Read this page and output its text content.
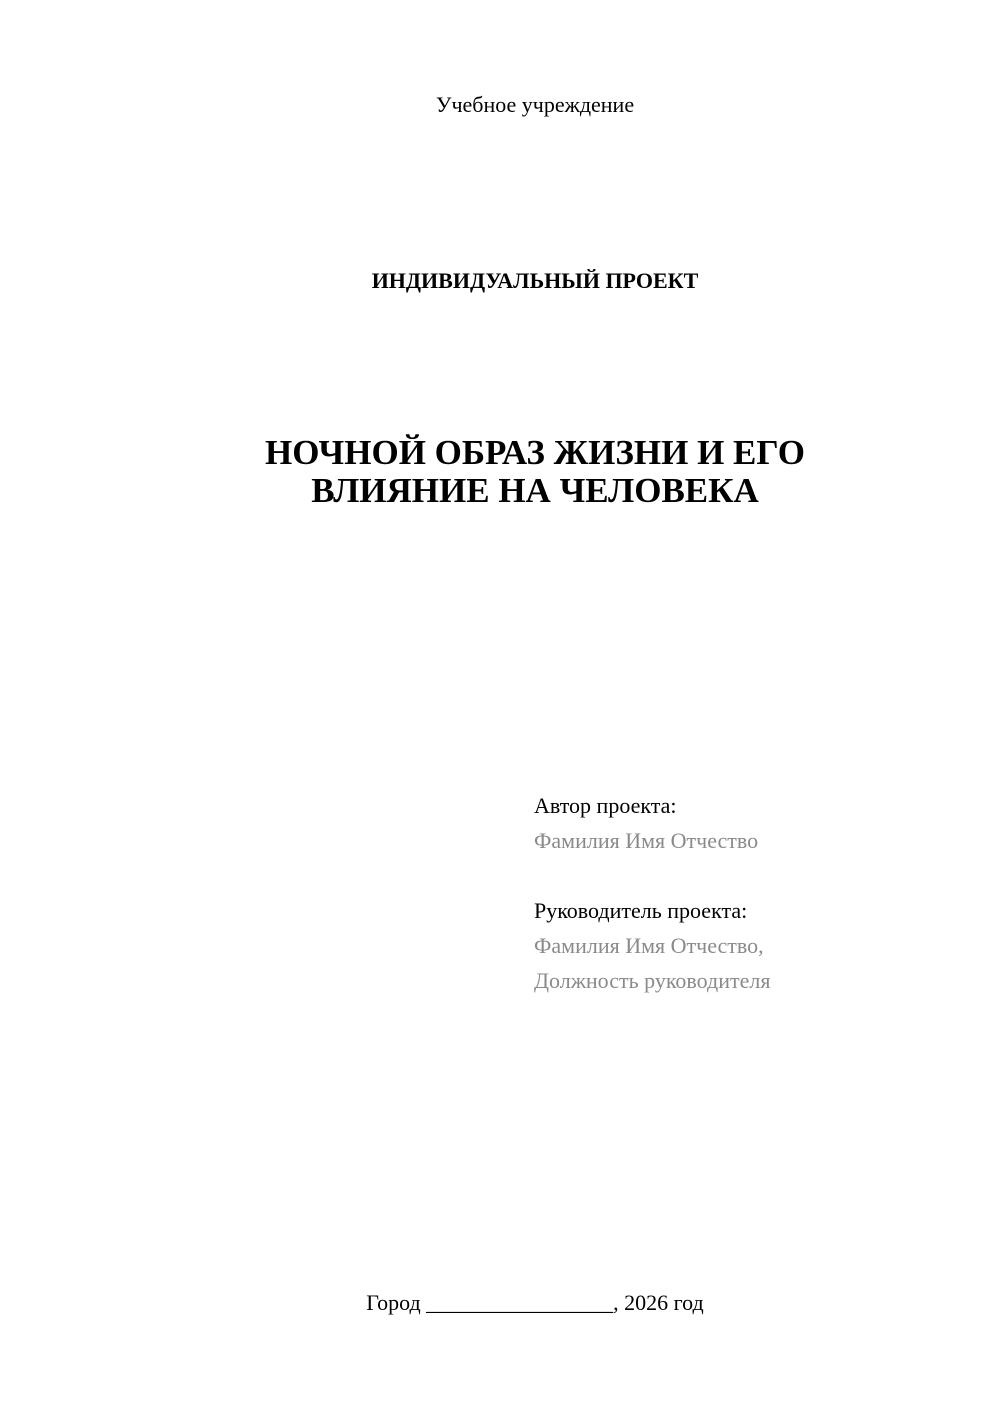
Учебное учреждение
ИНДИВИДУАЛЬНЫЙ ПРОЕКТ
НОЧНОЙ ОБРАЗ ЖИЗНИ И ЕГО
ВЛИЯНИЕ НА ЧЕЛОВЕКА
Автор проекта:
Фамилия Имя Отчество
Руководитель проекта:
Фамилия Имя Отчество,
Должность руководителя
Город _________________, 2026 год
